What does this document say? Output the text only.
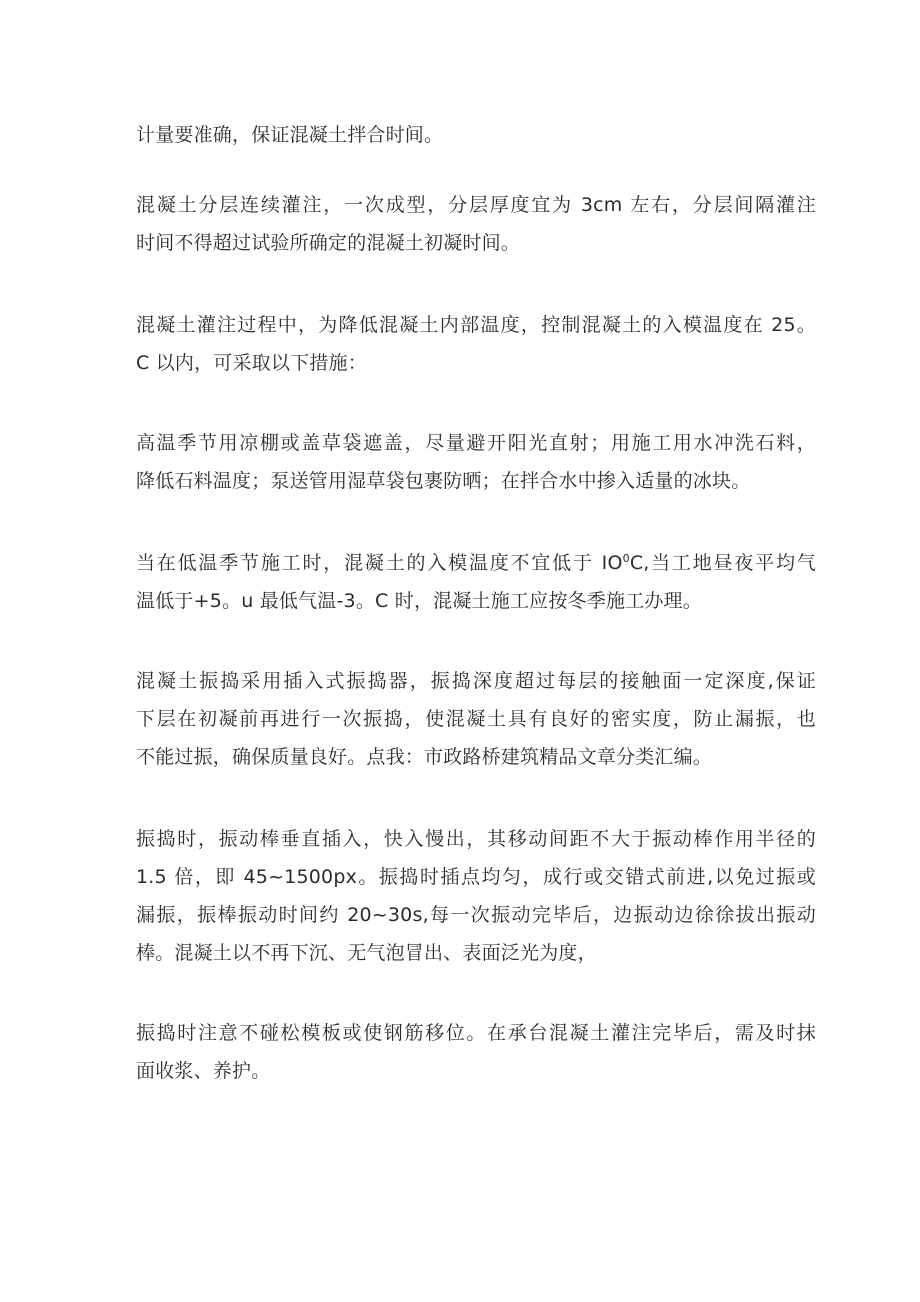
计量要准确，保证混凝土拌合时间。

混凝土分层连续灌注，一次成型，分层厚度宜为 3cm 左右，分层间隔灌注
时间不得超过试验所确定的混凝土初凝时间。

混凝土灌注过程中，为降低混凝土内部温度，控制混凝土的入模温度在 25。
C 以内，可采取以下措施：

高温季节用凉棚或盖草袋遮盖，尽量避开阳光直射；用施工用水冲洗石料，
降低石料温度；泵送管用湿草袋包裹防晒；在拌合水中掺入适量的冰块。

当在低温季节施工时，混凝土的入模温度不宜低于 $IO^0C$,当工地昼夜平均气
温低于+5。u 最低气温-3。C 时，混凝土施工应按冬季施工办理。

混凝土振捣采用插入式振捣器，振捣深度超过每层的接触面一定深度,保证
下层在初凝前再进行一次振捣，使混凝土具有良好的密实度，防止漏振，也
不能过振，确保质量良好。点我：市政路桥建筑精品文章分类汇编。

振捣时，振动棒垂直插入，快入慢出，其移动间距不大于振动棒作用半径的
1.5 倍，即 45~1500px。振捣时插点均匀，成行或交错式前进,以免过振或
漏振，振棒振动时间约 20~30s,每一次振动完毕后，边振动边徐徐拔出振动
棒。混凝土以不再下沉、无气泡冒出、表面泛光为度，

振捣时注意不碰松模板或使钢筋移位。在承台混凝土灌注完毕后，需及时抹
面收浆、养护。
